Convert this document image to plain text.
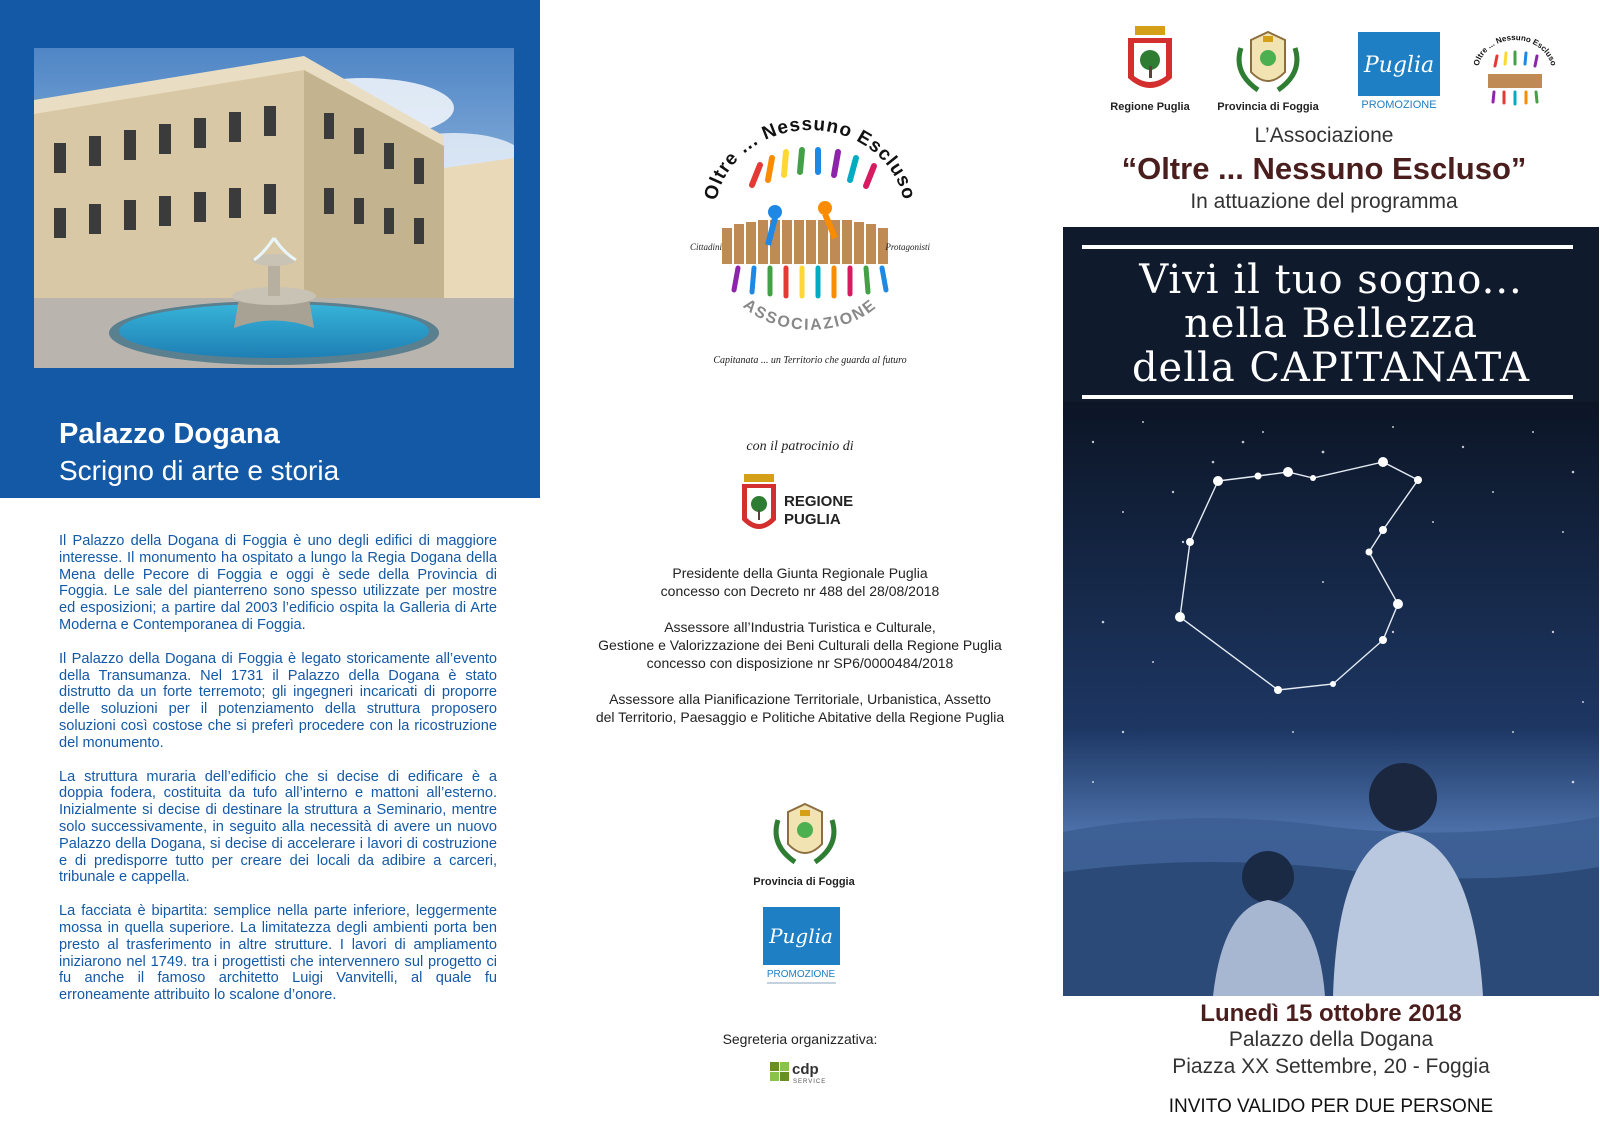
Palazzo Dogana
Scrigno di arte e storia

Il Palazzo della Dogana di Foggia è uno degli edifici di maggiore interesse. Il monumento ha ospitato a lungo la Regia Dogana della Mena delle Pecore di Foggia e oggi è sede della Provincia di Foggia. Le sale del pianterreno sono spesso utilizzate per mostre ed esposizioni; a partire dal 2003 l’edificio ospita la Galleria di Arte Moderna e Contemporanea di Foggia.

Il Palazzo della Dogana di Foggia è legato storicamente all’evento della Transumanza. Nel 1731 il Palazzo della Dogana è stato distrutto da un forte terremoto; gli ingegneri incaricati di proporre delle soluzioni per il potenziamento della struttura proposero soluzioni così costose che si preferì procedere con la ricostruzione del monumento.

La struttura muraria dell’edificio che si decise di edificare è a doppia fodera, costituita da tufo all’interno e mattoni all’esterno. Inizialmente si decise di destinare la struttura a Seminario, mentre solo successivamente, in seguito alla necessità di avere un nuovo Palazzo della Dogana, si decise di accelerare i lavori di costruzione e di predisporre tutto per creare dei locali da adibire a carceri, tribunale e cappella.

La facciata è bipartita: semplice nella parte inferiore, leggermente mossa in quella superiore. La limitatezza degli ambienti porta ben presto al trasferimento in altre strutture. I lavori di ampliamento iniziarono nel 1749. tra i progettisti che intervennero sul progetto ci fu anche il famoso architetto Luigi Vanvitelli, al quale fu erroneamente attribuito lo scalone d’onore.

Oltre ... Nessuno Escluso
Cittadini	Protagonisti
ASSOCIAZIONE
Capitanata ... un Territorio che guarda al futuro
con il patrocinio di
REGIONE
PUGLIA

Presidente della Giunta Regionale Puglia
concesso con Decreto nr 488 del 28/08/2018

Assessore all’Industria Turistica e Culturale,
Gestione e Valorizzazione dei Beni Culturali della Regione Puglia
concesso con disposizione nr SP6/0000484/2018

Assessore alla Pianificazione Territoriale, Urbanistica, Assetto
del Territorio, Paesaggio e Politiche Abitative della Regione Puglia

Provincia di Foggia
Puglia
PROMOZIONE
Segreteria organizzativa:
cdp
SERVICE
Regione Puglia	Provincia di Foggia
Puglia
PROMOZIONE
Oltre ... Nessuno Escluso
L’Associazione
“Oltre ... Nessuno Escluso”
In attuazione del programma
Vivi il tuo sogno...
nella Bellezza
della CAPITANATA
Lunedì 15 ottobre 2018
Palazzo della Dogana
Piazza XX Settembre, 20 - Foggia
INVITO VALIDO PER DUE PERSONE
